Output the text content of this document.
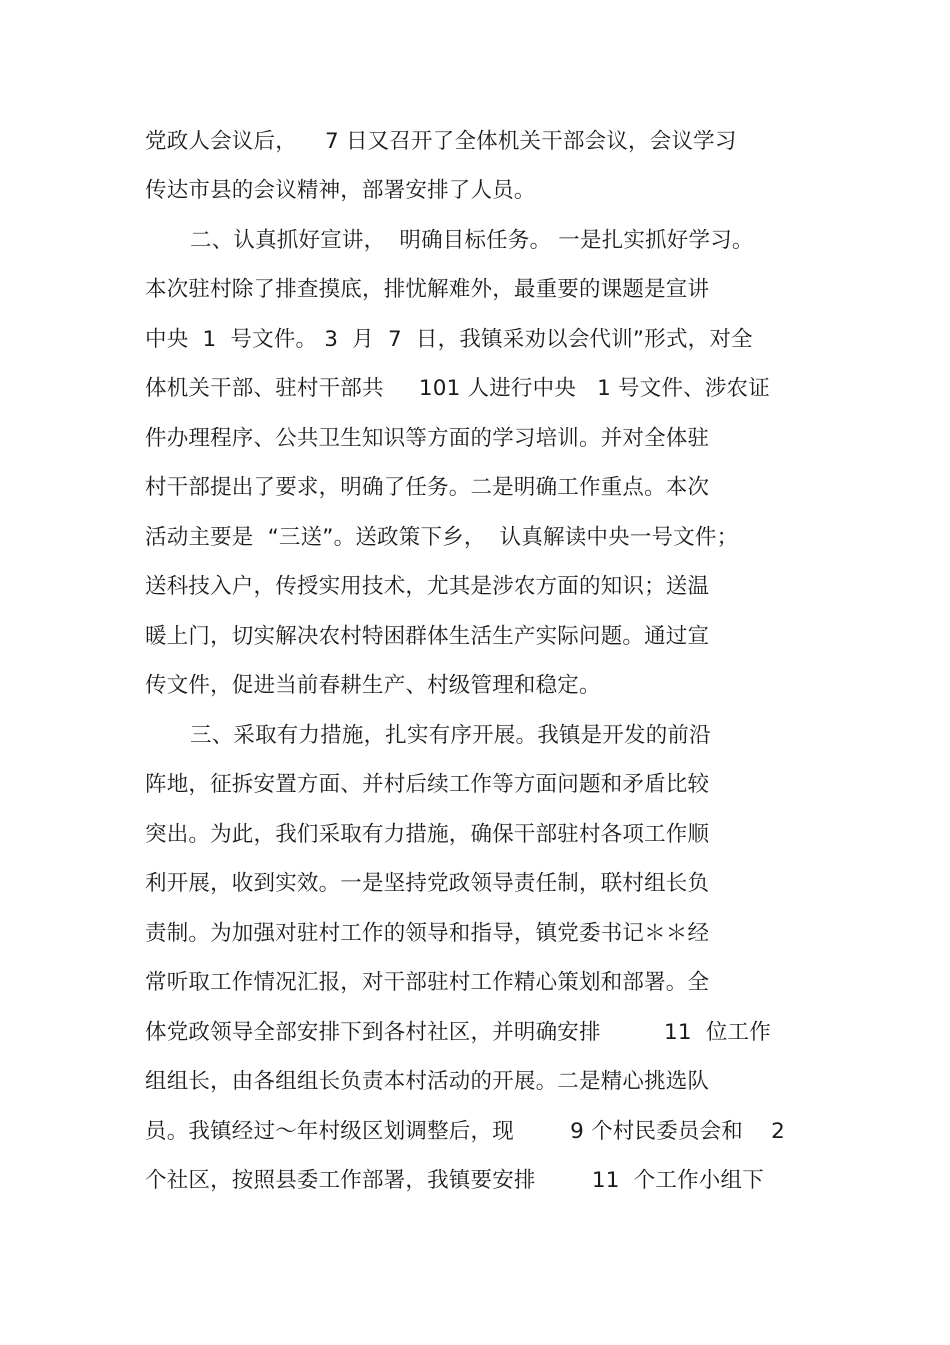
党政人会议后，    7 日又召开了全体机关干部会议，会议学习
传达市县的会议精神，部署安排了人员。
二、认真抓好宣讲，  明确目标任务。 一是扎实抓好学习。
本次驻村除了排查摸底，排忧解难外，最重要的课题是宣讲
中央  1  号文件。 3  月  7  日，我镇采劝以会代训”形式，对全
体机关干部、驻村干部共     101 人进行中央   1 号文件、涉农证
件办理程序、公共卫生知识等方面的学习培训。并对全体驻
村干部提出了要求，明确了任务。二是明确工作重点。本次
活动主要是  “三送”。送政策下乡，  认真解读中央一号文件；
送科技入户，传授实用技术，尤其是涉农方面的知识；送温
暖上门，切实解决农村特困群体生活生产实际问题。通过宣
传文件，促进当前春耕生产、村级管理和稳定。
三、采取有力措施，扎实有序开展。我镇是开发的前沿
阵地，征拆安置方面、并村后续工作等方面问题和矛盾比较
突出。为此，我们采取有力措施，确保干部驻村各项工作顺
利开展，收到实效。一是坚持党政领导责任制，联村组长负
责制。为加强对驻村工作的领导和指导，镇党委书记＊＊经
常听取工作情况汇报，对干部驻村工作精心策划和部署。全
体党政领导全部安排下到各村社区，并明确安排         11  位工作
组组长，由各组组长负责本村活动的开展。二是精心挑选队
员。我镇经过～年村级区划调整后，现        9 个村民委员会和    2
个社区，按照县委工作部署，我镇要安排        11  个工作小组下
